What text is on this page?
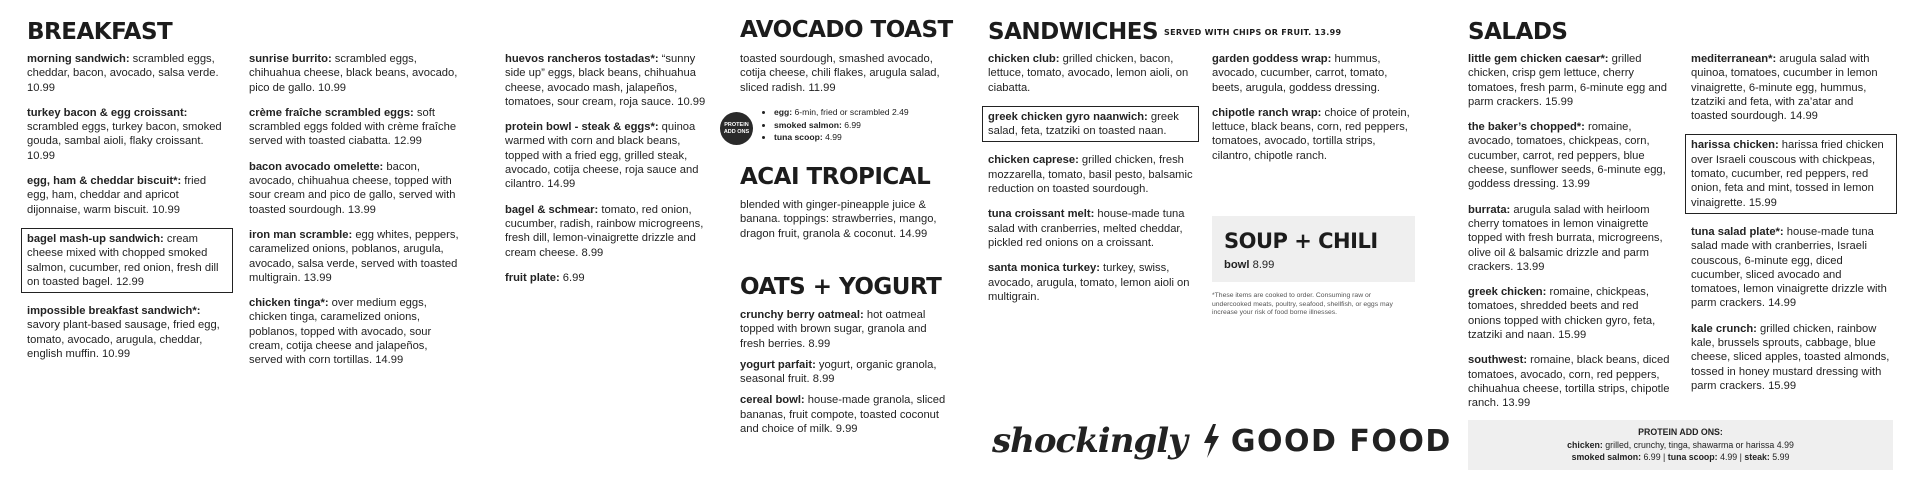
BREAKFAST

morning sandwich: scrambled eggs, cheddar, bacon, avocado, salsa verde. 10.99

turkey bacon & egg croissant: scrambled eggs, turkey bacon, smoked gouda, sambal aioli, flaky croissant. 10.99

egg, ham & cheddar biscuit*: fried egg, ham, cheddar and apricot dijonnaise, warm biscuit. 10.99

bagel mash-up sandwich: cream cheese mixed with chopped smoked salmon, cucumber, red onion, fresh dill on toasted bagel. 12.99

impossible breakfast sandwich*: savory plant-based sausage, fried egg, tomato, avocado, arugula, cheddar, english muffin. 10.99

sunrise burrito: scrambled eggs, chihuahua cheese, black beans, avocado, pico de gallo. 10.99

crème fraîche scrambled eggs: soft scrambled eggs folded with crème fraîche served with toasted ciabatta. 12.99

bacon avocado omelette: bacon, avocado, chihuahua cheese, topped with sour cream and pico de gallo, served with toasted sourdough. 13.99

iron man scramble: egg whites, peppers, caramelized onions, poblanos, arugula, avocado, salsa verde, served with toasted multigrain. 13.99

chicken tinga*: over medium eggs, chicken tinga, caramelized onions, poblanos, topped with avocado, sour cream, cotija cheese and jalapeños, served with corn tortillas. 14.99

huevos rancheros tostadas*: “sunny side up” eggs, black beans, chihuahua cheese, avocado mash, jalapeños, tomatoes, sour cream, roja sauce. 10.99

protein bowl - steak & eggs*: quinoa warmed with corn and black beans, topped with a fried egg, grilled steak, avocado, cotija cheese, roja sauce and cilantro. 14.99

bagel & schmear: tomato, red onion, cucumber, radish, rainbow microgreens, fresh dill, lemon-vinaigrette drizzle and cream cheese. 8.99

fruit plate: 6.99

AVOCADO TOAST

toasted sourdough, smashed avocado, cotija cheese, chili flakes, arugula salad, sliced radish. 11.99

PROTEIN ADD ONS
• egg: 6-min, fried or scrambled 2.49
• smoked salmon: 6.99
• tuna scoop: 4.99
ACAI TROPICAL

blended with ginger-pineapple juice & banana. toppings: strawberries, mango, dragon fruit, granola & coconut. 14.99

OATS + YOGURT

crunchy berry oatmeal: hot oatmeal topped with brown sugar, granola and fresh berries. 8.99

yogurt parfait: yogurt, organic granola, seasonal fruit. 8.99

cereal bowl: house-made granola, sliced bananas, fruit compote, toasted coconut and choice of milk. 9.99

SANDWICHES SERVED WITH CHIPS OR FRUIT. 13.99

chicken club: grilled chicken, bacon, lettuce, tomato, avocado, lemon aioli, on ciabatta.

greek chicken gyro naanwich: greek salad, feta, tzatziki on toasted naan.

chicken caprese: grilled chicken, fresh mozzarella, tomato, basil pesto, balsamic reduction on toasted sourdough.

tuna croissant melt: house-made tuna salad with cranberries, melted cheddar, pickled red onions on a croissant.

santa monica turkey: turkey, swiss, avocado, arugula, tomato, lemon aioli on multigrain.

garden goddess wrap: hummus, avocado, cucumber, carrot, tomato, beets, arugula, goddess dressing.

chipotle ranch wrap: choice of protein, lettuce, black beans, corn, red peppers, tomatoes, avocado, tortilla strips, cilantro, chipotle ranch.

SOUP + CHILI

bowl 8.99

*These items are cooked to order. Consuming raw or undercooked meats, poultry, seafood, shellfish, or eggs may increase your risk of food borne illnesses.

shockingly GOOD FOOD
SALADS

little gem chicken caesar*: grilled chicken, crisp gem lettuce, cherry tomatoes, fresh parm, 6-minute egg and parm crackers. 15.99

the baker’s chopped*: romaine, avocado, tomatoes, chickpeas, corn, cucumber, carrot, red peppers, blue cheese, sunflower seeds, 6-minute egg, goddess dressing. 13.99

burrata: arugula salad with heirloom cherry tomatoes in lemon vinaigrette topped with fresh burrata, microgreens, olive oil & balsamic drizzle and parm crackers. 13.99

greek chicken: romaine, chickpeas, tomatoes, shredded beets and red onions topped with chicken gyro, feta, tzatziki and naan. 15.99

southwest: romaine, black beans, diced tomatoes, avocado, corn, red peppers, chihuahua cheese, tortilla strips, chipotle ranch. 13.99

mediterranean*: arugula salad with quinoa, tomatoes, cucumber in lemon vinaigrette, 6-minute egg, hummus, tzatziki and feta, with za’atar and toasted sourdough. 14.99

harissa chicken: harissa fried chicken over Israeli couscous with chickpeas, tomato, cucumber, red peppers, red onion, feta and mint, tossed in lemon vinaigrette. 15.99

tuna salad plate*: house-made tuna salad made with cranberries, Israeli couscous, 6-minute egg, diced cucumber, sliced avocado and tomatoes, lemon vinaigrette drizzle with parm crackers. 14.99

kale crunch: grilled chicken, rainbow kale, brussels sprouts, cabbage, blue cheese, sliced apples, toasted almonds, tossed in honey mustard dressing with parm crackers. 15.99

PROTEIN ADD ONS:
chicken: grilled, crunchy, tinga, shawarma or harissa 4.99
smoked salmon: 6.99 | tuna scoop: 4.99 | steak: 5.99
